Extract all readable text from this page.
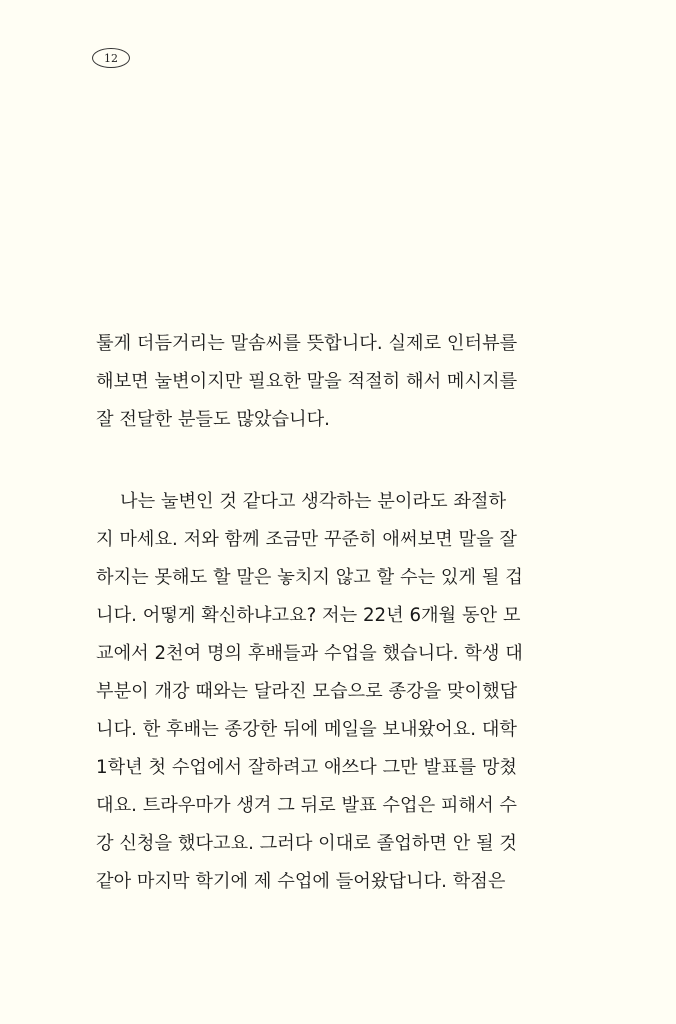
12
툴게 더듬거리는 말솜씨를 뜻합니다. 실제로 인터뷰를
해보면 눌변이지만 필요한 말을 적절히 해서 메시지를
잘 전달한 분들도 많았습니다.
나는 눌변인 것 같다고 생각하는 분이라도 좌절하
지 마세요. 저와 함께 조금만 꾸준히 애써보면 말을 잘
하지는 못해도 할 말은 놓치지 않고 할 수는 있게 될 겁
니다. 어떻게 확신하냐고요? 저는 22년 6개월 동안 모
교에서 2천여 명의 후배들과 수업을 했습니다. 학생 대
부분이 개강 때와는 달라진 모습으로 종강을 맞이했답
니다. 한 후배는 종강한 뒤에 메일을 보내왔어요. 대학
1학년 첫 수업에서 잘하려고 애쓰다 그만 발표를 망쳤
대요. 트라우마가 생겨 그 뒤로 발표 수업은 피해서 수
강 신청을 했다고요. 그러다 이대로 졸업하면 안 될 것
같아 마지막 학기에 제 수업에 들어왔답니다. 학점은
